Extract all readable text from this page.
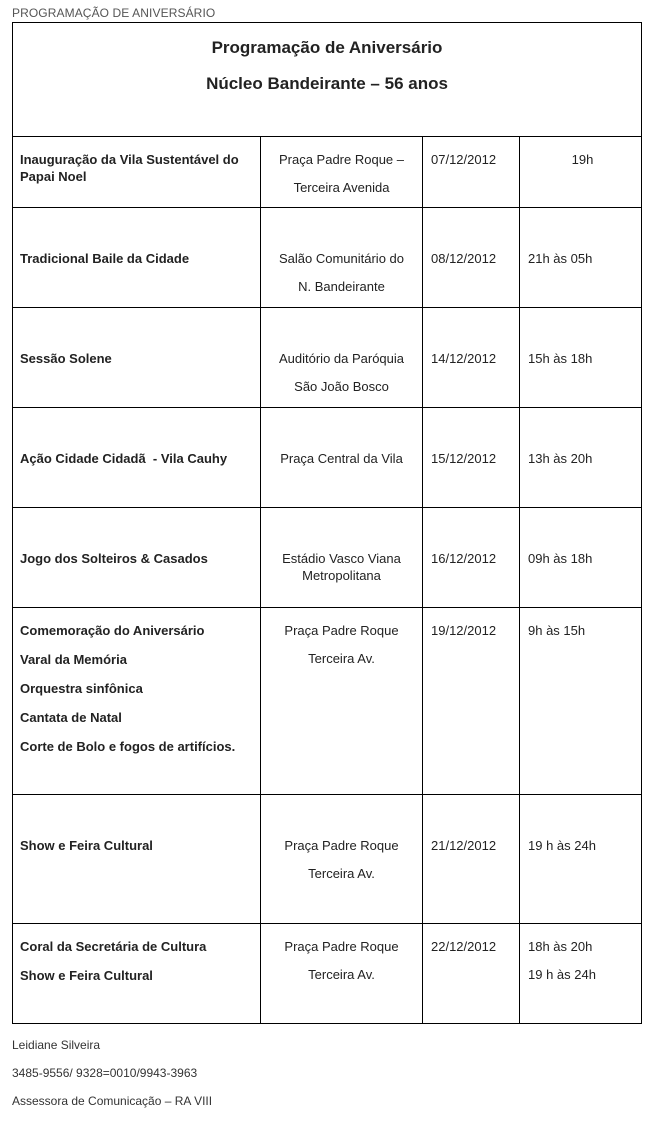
PROGRAMAÇÃO DE ANIVERSÁRIO
Programação de Aniversário
Núcleo Bandeirante – 56 anos			

Inauguração da Vila Sustentável do Papai Noel	Praça Padre Roque –
Terceira Avenida	07/12/2012	19h

Tradicional Baile da Cidade	Salão Comunitário do
N. Bandeirante	08/12/2012	21h às 05h

Sessão Solene	Auditório da Paróquia
São João Bosco	14/12/2012	15h às 18h

Ação Cidade Cidadã  - Vila Cauhy	Praça Central da Vila	15/12/2012	13h às 20h

Jogo dos Solteiros & Casados	Estádio Vasco Viana
Metropolitana	16/12/2012	09h às 18h

Comemoração do Aniversário
Varal da Memória
Orquestra sinfônica
Cantata de Natal
Corte de Bolo e fogos de artifícios.	Praça Padre Roque
Terceira Av.	19/12/2012	9h às 15h

Show e Feira Cultural	Praça Padre Roque
Terceira Av.	21/12/2012	19 h às 24h

Coral da Secretária de Cultura
Show e Feira Cultural	Praça Padre Roque
Terceira Av.	22/12/2012	18h às 20h
19 h às 24h
Leidiane Silveira
3485-9556/ 9328=0010/9943-3963
Assessora de Comunicação – RA VIII
